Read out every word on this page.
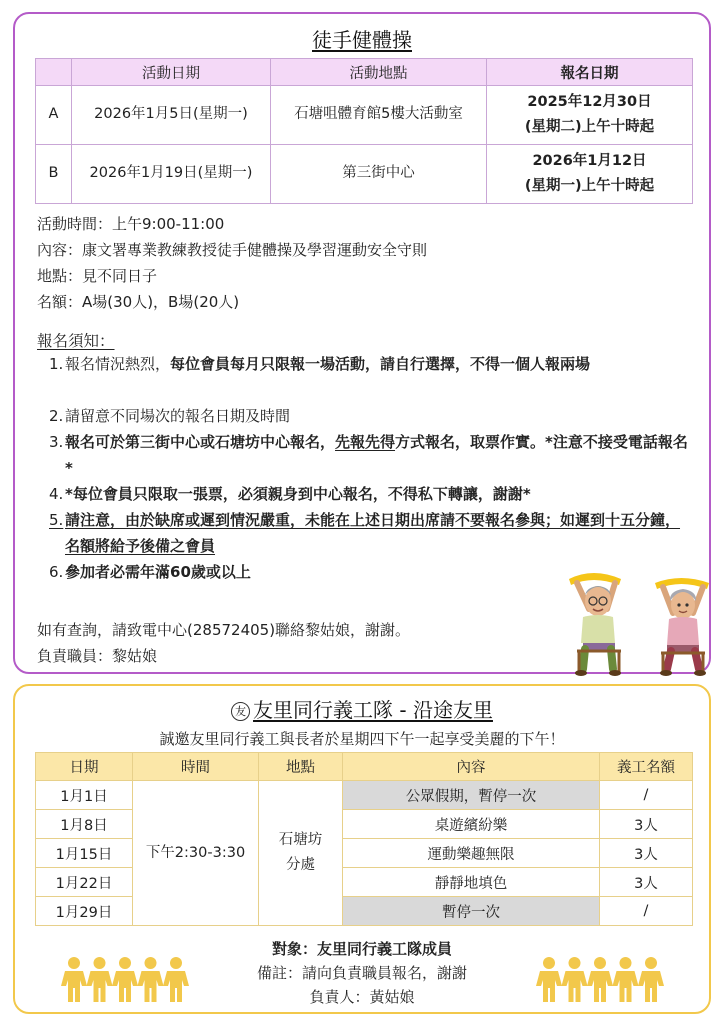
徒手健體操
	活動日期	活動地點	報名日期
A	2026年1月5日(星期一)	石塘咀體育館5樓大活動室	2025年12月30日
(星期二)上午十時起

B	2026年1月19日(星期一)	第三街中心	2026年1月12日
(星期一)上午十時起
活動時間：上午9:00-11:00
內容：康文署專業教練教授徒手健體操及學習運動安全守則
地點：見不同日子
名額：A場(30人)，B場(20人)
報名須知：
1. 報名情況熱烈，每位會員每月只限報一場活動，請自行選擇，不得一個人報兩場
2. 請留意不同場次的報名日期及時間
3. 報名可於第三街中心或石塘坊中心報名，先報先得方式報名，取票作實。*注意不接受電話報名*
4. *每位會員只限取一張票，必須親身到中心報名，不得私下轉讓，謝謝*
5. 請注意，由於缺席或遲到情況嚴重，未能在上述日期出席請不要報名參與；如遲到十五分鐘，名額將給予後備之會員
6. 參加者必需年滿60歲或以上
如有查詢，請致電中心(28572405)聯絡黎姑娘，謝謝。
負責職員：黎姑娘
友 友里同行義工隊 - 沿途友里
誠邀友里同行義工與長者於星期四下午一起享受美麗的下午！
日期	時間	地點	內容	義工名額
1月1日	下午2:30-3:30	石塘坊
分處	公眾假期，暫停一次	/
1月8日			桌遊繽紛樂	3人
1月15日			運動樂趣無限	3人
1月22日			靜靜地填色	3人
1月29日			暫停一次	/
對象：友里同行義工隊成員
備註：請向負責職員報名，謝謝
負責人：黃姑娘
